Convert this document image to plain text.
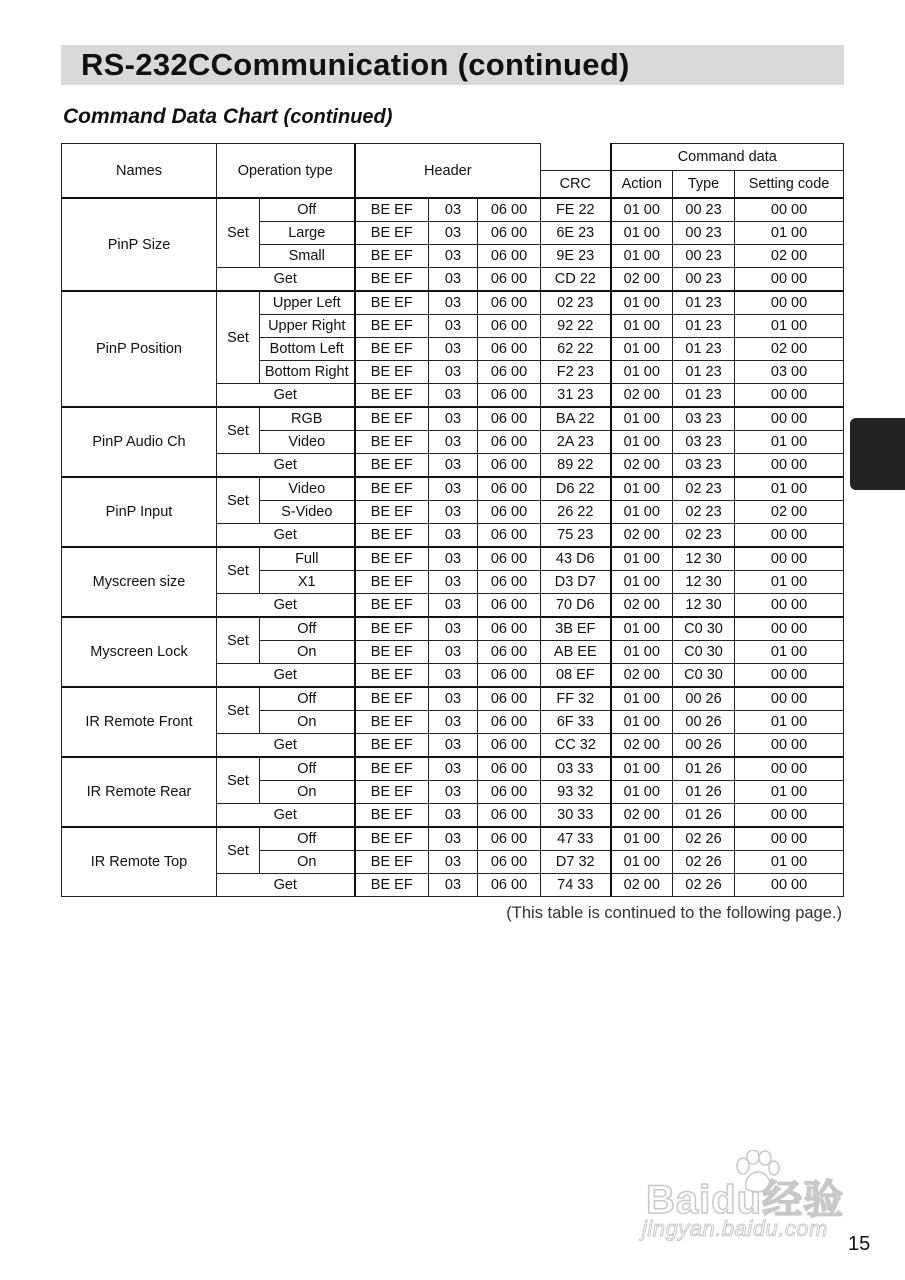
RS-232CCommunication (continued)
Command Data Chart (continued)
Names	Operation type		Header				Command data		
						CRC	Action	Type	Setting code
PinP Size	Set	Off	BE EF	03	06 00	FE 22	01 00	00 23	00 00
		Large	BE EF	03	06 00	6E 23	01 00	00 23	01 00
		Small	BE EF	03	06 00	9E 23	01 00	00 23	02 00
	Get		BE EF	03	06 00	CD 22	02 00	00 23	00 00
PinP Position	Set	Upper Left	BE EF	03	06 00	02 23	01 00	01 23	00 00
		Upper Right	BE EF	03	06 00	92 22	01 00	01 23	01 00
		Bottom Left	BE EF	03	06 00	62 22	01 00	01 23	02 00
		Bottom Right	BE EF	03	06 00	F2 23	01 00	01 23	03 00
	Get		BE EF	03	06 00	31 23	02 00	01 23	00 00
PinP Audio Ch	Set	RGB	BE EF	03	06 00	BA 22	01 00	03 23	00 00
		Video	BE EF	03	06 00	2A 23	01 00	03 23	01 00
	Get		BE EF	03	06 00	89 22	02 00	03 23	00 00
PinP Input	Set	Video	BE EF	03	06 00	D6 22	01 00	02 23	01 00
		S-Video	BE EF	03	06 00	26 22	01 00	02 23	02 00
	Get		BE EF	03	06 00	75 23	02 00	02 23	00 00
Myscreen size	Set	Full	BE EF	03	06 00	43 D6	01 00	12 30	00 00
		X1	BE EF	03	06 00	D3 D7	01 00	12 30	01 00
	Get		BE EF	03	06 00	70 D6	02 00	12 30	00 00
Myscreen Lock	Set	Off	BE EF	03	06 00	3B EF	01 00	C0 30	00 00
		On	BE EF	03	06 00	AB EE	01 00	C0 30	01 00
	Get		BE EF	03	06 00	08 EF	02 00	C0 30	00 00
IR Remote Front	Set	Off	BE EF	03	06 00	FF 32	01 00	00 26	00 00
		On	BE EF	03	06 00	6F 33	01 00	00 26	01 00
	Get		BE EF	03	06 00	CC 32	02 00	00 26	00 00
IR Remote Rear	Set	Off	BE EF	03	06 00	03 33	01 00	01 26	00 00
		On	BE EF	03	06 00	93 32	01 00	01 26	01 00
	Get		BE EF	03	06 00	30 33	02 00	01 26	00 00
IR Remote Top	Set	Off	BE EF	03	06 00	47 33	01 00	02 26	00 00
		On	BE EF	03	06 00	D7 32	01 00	02 26	01 00
	Get		BE EF	03	06 00	74 33	02 00	02 26	00 00
(This table is continued to the following page.)
Baidu经验
jingyan.baidu.com
15
